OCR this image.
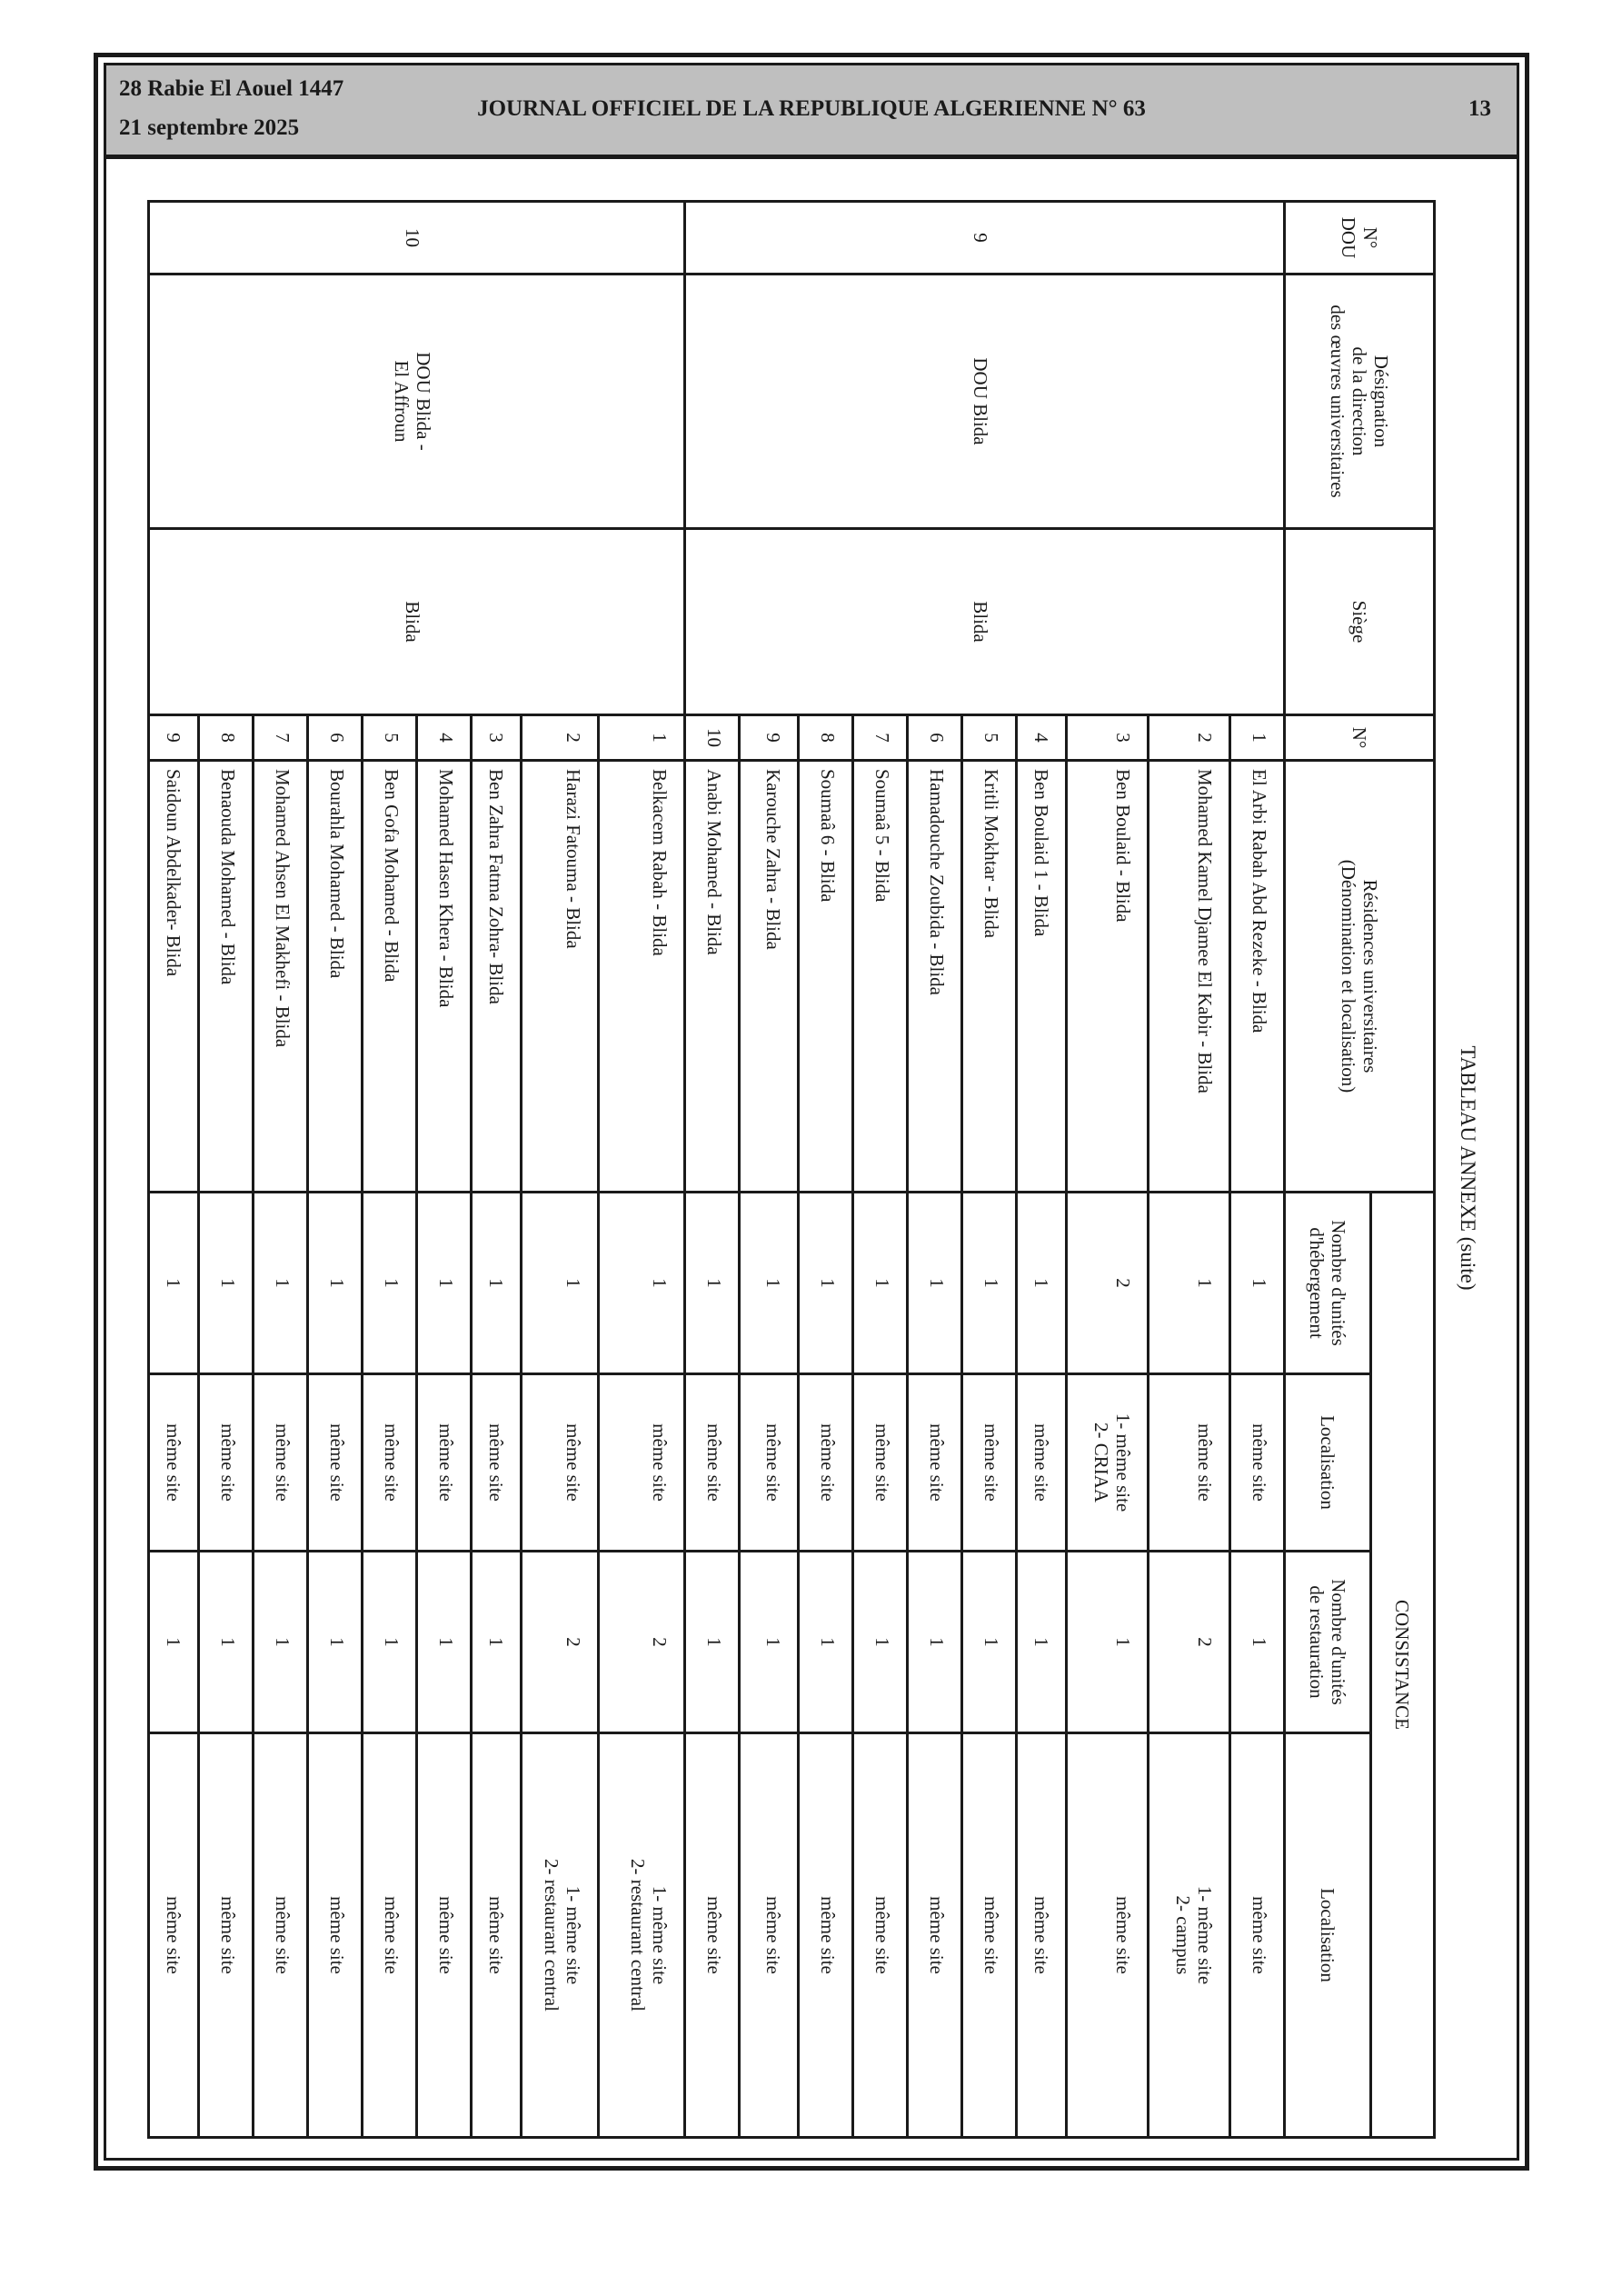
28 Rabie El Aouel 1447
21 septembre 2025
JOURNAL OFFICIEL DE LA REPUBLIQUE ALGERIENNE N° 63	13
TABLEAU ANNEXE (suite)
N°
DOU	Désignation
de la direction
des œuvres universitaires	Siège	N°	Résidences universitaires
(Dénomination et localisation)	CONSISTANCE			
					Nombre d'unités
d'hébergement	Localisation	Nombre d'unités
de restauration	Localisation
9	DOU Blida	Blida	1	El Arbi Rabah Abd Rezeke - Blida	1	même site	1	même site
			2	Mohamed Kamel Djamee El Kabir - Blida	1	même site	2	1- même site
2- campus
			3	Ben Boulaid - Blida	2	1- même site
2- CRIAA	1	même site
			4	Ben Boulaid 1 - Blida	1	même site	1	même site
			5	Kritli Mokhtar - Blida	1	même site	1	même site
			6	Hamadouche Zoubida - Blida	1	même site	1	même site
			7	Soumaâ 5 - Blida	1	même site	1	même site
			8	Soumaâ 6 - Blida	1	même site	1	même site
			9	Karouche Zahra - Blida	1	même site	1	même site
			10	Anabi Mohamed - Blida	1	même site	1	même site
10	DOU Blida -
El Affroun	Blida	1	Belkacem Rabah - Blida	1	même site	2	1- même site
2- restaurant central
			2	Harazi Fatouma - Blida	1	même site	2	1- même site
2- restaurant central
			3	Ben Zahra Fatma Zohra- Blida	1	même site	1	même site
			4	Mohamed Hasen Khera - Blida	1	même site	1	même site
			5	Ben Gofa Mohamed - Blida	1	même site	1	même site
			6	Bourahla Mohamed - Blida	1	même site	1	même site
			7	Mohamed Ahsen El Makhefi - Blida	1	même site	1	même site
			8	Benaouda Mohamed - Blida	1	même site	1	même site
			9	Saidoun Abdelkader- Blida	1	même site	1	même site
